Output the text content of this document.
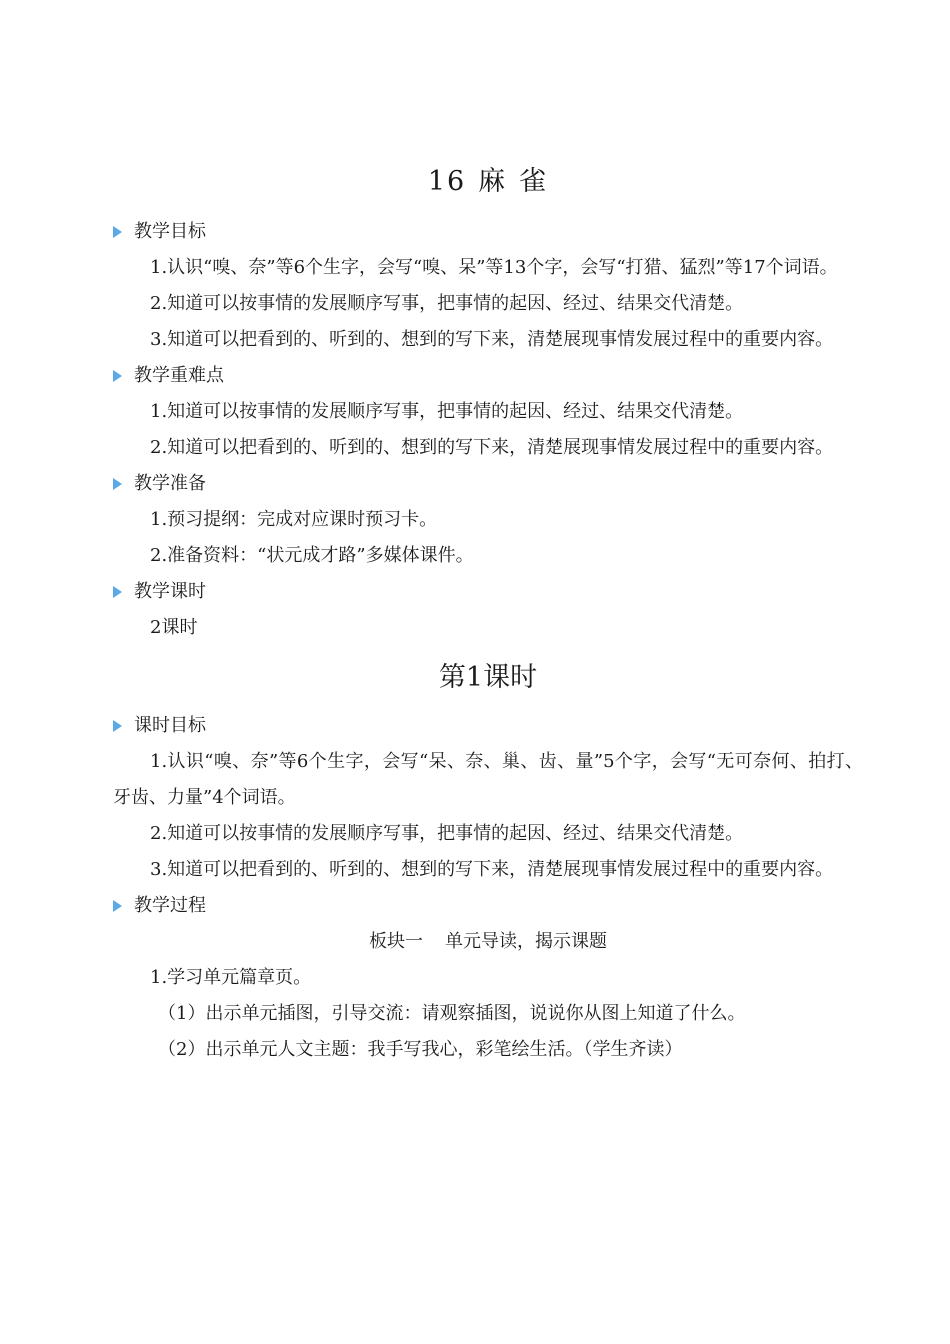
16 麻 雀
教学目标

1.认识“嗅、奈”等6个生字，会写“嗅、呆”等13个字，会写“打猎、猛烈”等17个词语。

2.知道可以按事情的发展顺序写事，把事情的起因、经过、结果交代清楚。

3.知道可以把看到的、听到的、想到的写下来，清楚展现事情发展过程中的重要内容。

教学重难点

1.知道可以按事情的发展顺序写事，把事情的起因、经过、结果交代清楚。

2.知道可以把看到的、听到的、想到的写下来，清楚展现事情发展过程中的重要内容。

教学准备

1.预习提纲：完成对应课时预习卡。

2.准备资料：“状元成才路”多媒体课件。

教学课时

2课时

第1课时
课时目标

1.认识“嗅、奈”等6个生字，会写“呆、奈、巢、齿、量”5个字，会写“无可奈何、拍打、牙齿、力量”4个词语。

2.知道可以按事情的发展顺序写事，把事情的起因、经过、结果交代清楚。

3.知道可以把看到的、听到的、想到的写下来，清楚展现事情发展过程中的重要内容。

教学过程
板块一 单元导读，揭示课题

1.学习单元篇章页。

（1）出示单元插图，引导交流：请观察插图，说说你从图上知道了什么。
（2）出示单元人文主题：我手写我心，彩笔绘生活。（学生齐读）
